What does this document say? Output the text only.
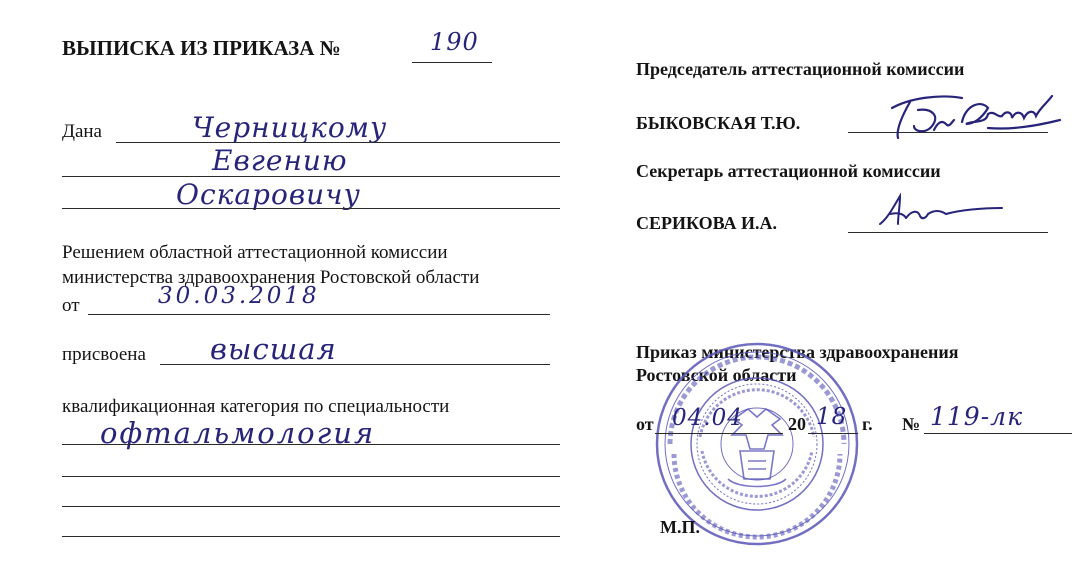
ВЫПИСКА ИЗ ПРИКАЗА №	190
Дана	Черницкому
Евгению
Оскаровичу
Решением областной аттестационной комиссии
министерства здравоохранения Ростовской области
от	30.03.2018
присвоена высшая
квалификационная категория по специальности
офтальмология
Председатель аттестационной комиссии
БЫКОВСКАЯ Т.Ю.
Секретарь аттестационной комиссии
СЕРИКОВА И.А.
Приказ министерства здравоохранения
Ростовской области
от 04.04	20 18 г. № 119-лк
М.П.
